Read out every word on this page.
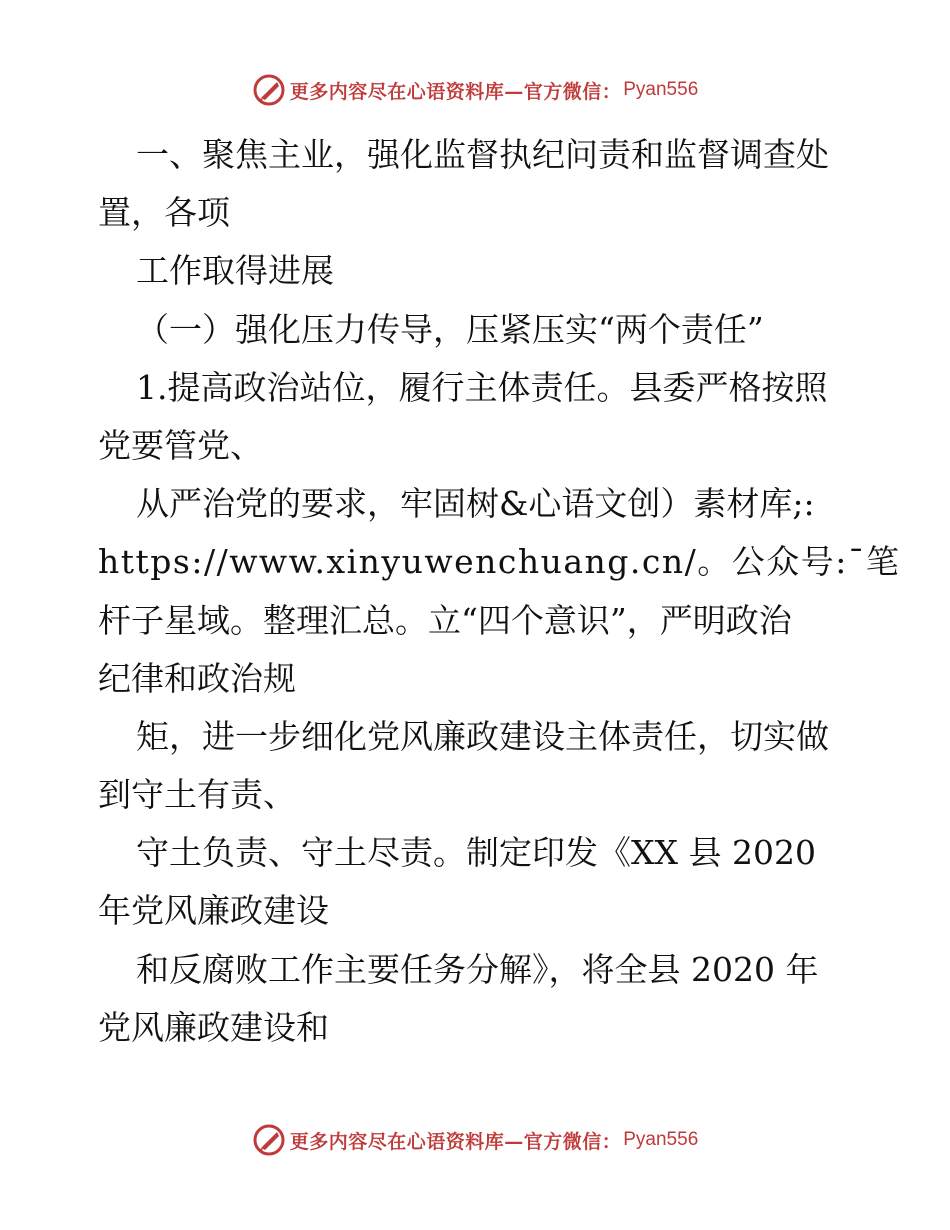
更多内容尽在心语资料库—官方微信： Pyan556
一、聚焦主业，强化监督执纪问责和监督调查处
置，各项
工作取得进展
（一）强化压力传导，压紧压实“两个责任”
1.提高政治站位，履行主体责任。县委严格按照
党要管党、
从严治党的要求，牢固树&心语文创）素材库;:
https://www.xinyuwenchuang.cn/。公众号:¯笔
杆子星域。整理汇总。立“四个意识”，严明政治
纪律和政治规
矩，进一步细化党风廉政建设主体责任，切实做
到守土有责、
守土负责、守土尽责。制定印发《XX 县 2020
年党风廉政建设
和反腐败工作主要任务分解》，将全县 2020 年
党风廉政建设和
更多内容尽在心语资料库—官方微信： Pyan556
